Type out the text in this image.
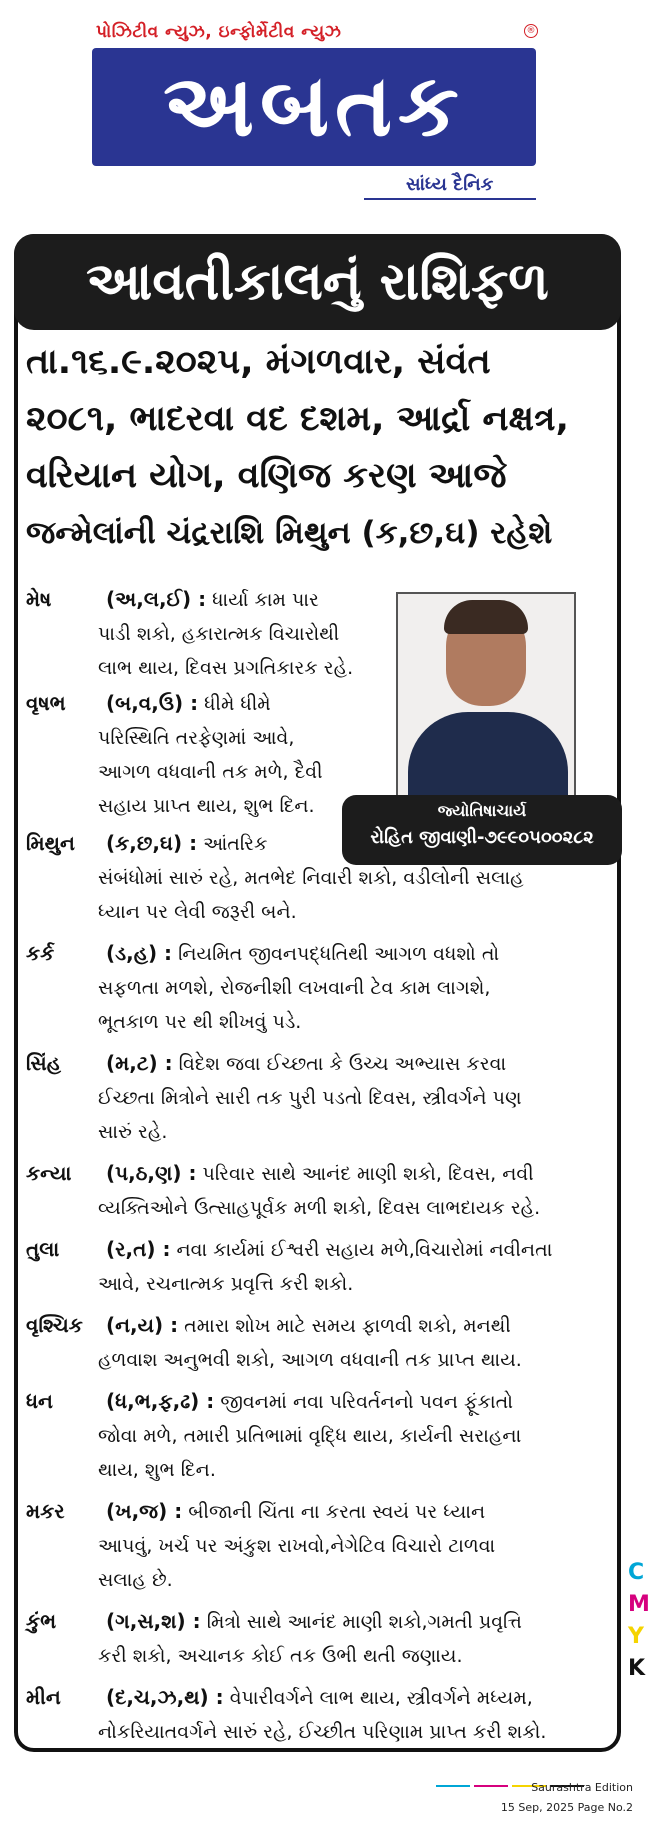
પોઝિટીવ ન્યુઝ, ઇન્ફોર્મેટીવ ન્યુઝ	®
અબતક
સાંધ્ય દૈનિક
આવતીકાલનું રાશિફળ
તા.૧૬.૯.૨૦૨૫, મંગળવાર, સંવંત
૨૦૮૧, ભાદરવા વદ દશમ, આર્દ્રા નક્ષત્ર,
વરિયાન યોગ, વણિજ કરણ આજે
જન્મેલાંની ચંદ્રરાશિ મિથુન (ક,છ,ઘ) રહેશે
જ્યોતિષાચાર્ય
રોહિત જીવાણી-૭૯૯૦૫૦૦૨૮૨
મેષ	(અ,લ,ઈ) : ધાર્યા કામ પાર
પાડી શકો, હકારાત્મક વિચારોથી
લાભ થાય, દિવસ પ્રગતિકારક રહે.
વૃષભ (બ,વ,ઉ) : ધીમે ધીમે
પરિસ્થિતિ તરફેણમાં આવે,
આગળ વધવાની તક મળે, દૈવી
સહાય પ્રાપ્ત થાય, શુભ દિન.
મિથુન (ક,છ,ઘ) : આંતરિક
સંબંધોમાં સારું રહે, મતભેદ નિવારી શકો, વડીલોની સલાહ
ધ્યાન પર લેવી જરૂરી બને.
કર્ક	(ડ,હ) : નિયમિત જીવનપદ્ધતિથી આગળ વધશો તો
સફળતા મળશે, રોજનીશી લખવાની ટેવ કામ લાગશે,
ભૂતકાળ પર થી શીખવું પડે.
સિંહ (મ,ટ) : વિદેશ જવા ઈચ્છતા કે ઉચ્ચ અભ્યાસ કરવા
ઈચ્છતા મિત્રોને સારી તક પુરી પડતો દિવસ, સ્ત્રીવર્ગને પણ
સારું રહે.
કન્યા (પ,ઠ,ણ) : પરિવાર સાથે આનંદ માણી શકો, દિવસ, નવી
વ્યક્તિઓને ઉત્સાહપૂર્વક મળી શકો, દિવસ લાભદાયક રહે.
તુલા (ર,ત) : નવા કાર્યમાં ઈશ્વરી સહાય મળે,વિચારોમાં નવીનતા
આવે, રચનાત્મક પ્રવૃત્તિ કરી શકો.
વૃશ્ચિક (ન,ય) : તમારા શોખ માટે સમય ફાળવી શકો, મનથી
હળવાશ અનુભવી શકો, આગળ વધવાની તક પ્રાપ્ત થાય.
ધન	(ધ,ભ,ફ,ઢ) : જીવનમાં નવા પરિવર્તનનો પવન ફૂંકાતો
જોવા મળે, તમારી પ્રતિભામાં વૃદ્ધિ થાય, કાર્યની સરાહના
થાય, શુભ દિન.
મકર (ખ,જ) : બીજાની ચિંતા ના કરતા સ્વયં પર ધ્યાન
આપવું, ખર્ચ પર અંકુશ રાખવો,નેગેટિવ વિચારો ટાળવા
સલાહ છે.
કુંભ (ગ,સ,શ) : મિત્રો સાથે આનંદ માણી શકો,ગમતી પ્રવૃત્તિ
કરી શકો, અચાનક કોઈ તક ઉભી થતી જણાય.
મીન (દ,ચ,ઝ,થ) : વેપારીવર્ગને લાભ થાય, સ્ત્રીવર્ગને મધ્યમ,
નોકરિયાતવર્ગને સારું રહે, ઈચ્છીત પરિણામ પ્રાપ્ત કરી શકો.
Saurashtra Edition
15 Sep, 2025 Page No.2
C
M
Y
K
